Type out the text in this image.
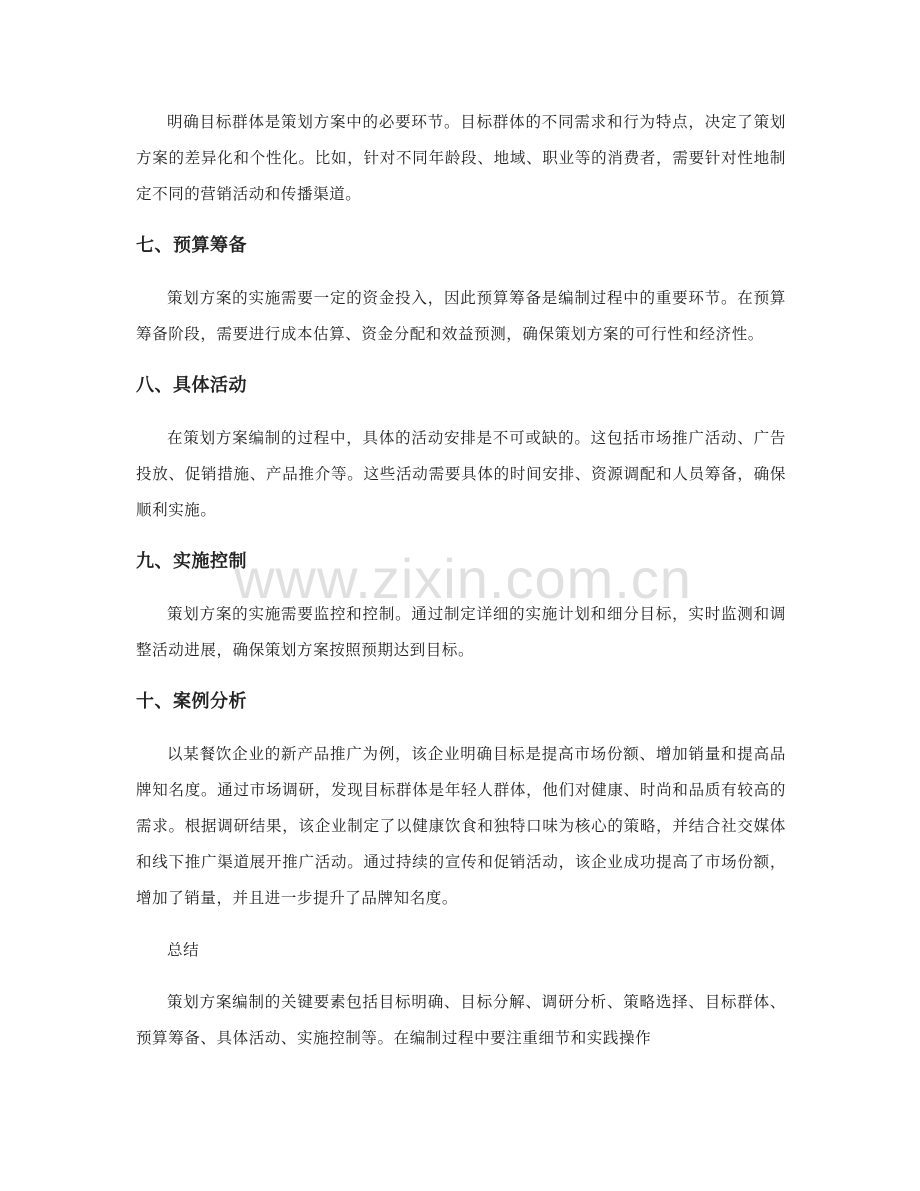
明确目标群体是策划方案中的必要环节。目标群体的不同需求和行为特点，决定了策划方案的差异化和个性化。比如，针对不同年龄段、地域、职业等的消费者，需要针对性地制定不同的营销活动和传播渠道。

七、预算筹备

策划方案的实施需要一定的资金投入，因此预算筹备是编制过程中的重要环节。在预算筹备阶段，需要进行成本估算、资金分配和效益预测，确保策划方案的可行性和经济性。

八、具体活动

在策划方案编制的过程中，具体的活动安排是不可或缺的。这包括市场推广活动、广告投放、促销措施、产品推介等。这些活动需要具体的时间安排、资源调配和人员筹备，确保顺利实施。

九、实施控制

策划方案的实施需要监控和控制。通过制定详细的实施计划和细分目标，实时监测和调整活动进展，确保策划方案按照预期达到目标。

十、案例分析

以某餐饮企业的新产品推广为例，该企业明确目标是提高市场份额、增加销量和提高品牌知名度。通过市场调研，发现目标群体是年轻人群体，他们对健康、时尚和品质有较高的需求。根据调研结果，该企业制定了以健康饮食和独特口味为核心的策略，并结合社交媒体和线下推广渠道展开推广活动。通过持续的宣传和促销活动，该企业成功提高了市场份额，增加了销量，并且进一步提升了品牌知名度。

总结

策划方案编制的关键要素包括目标明确、目标分解、调研分析、策略选择、目标群体、预算筹备、具体活动、实施控制等。在编制过程中要注重细节和实践操作

www.zixin.com.cn
